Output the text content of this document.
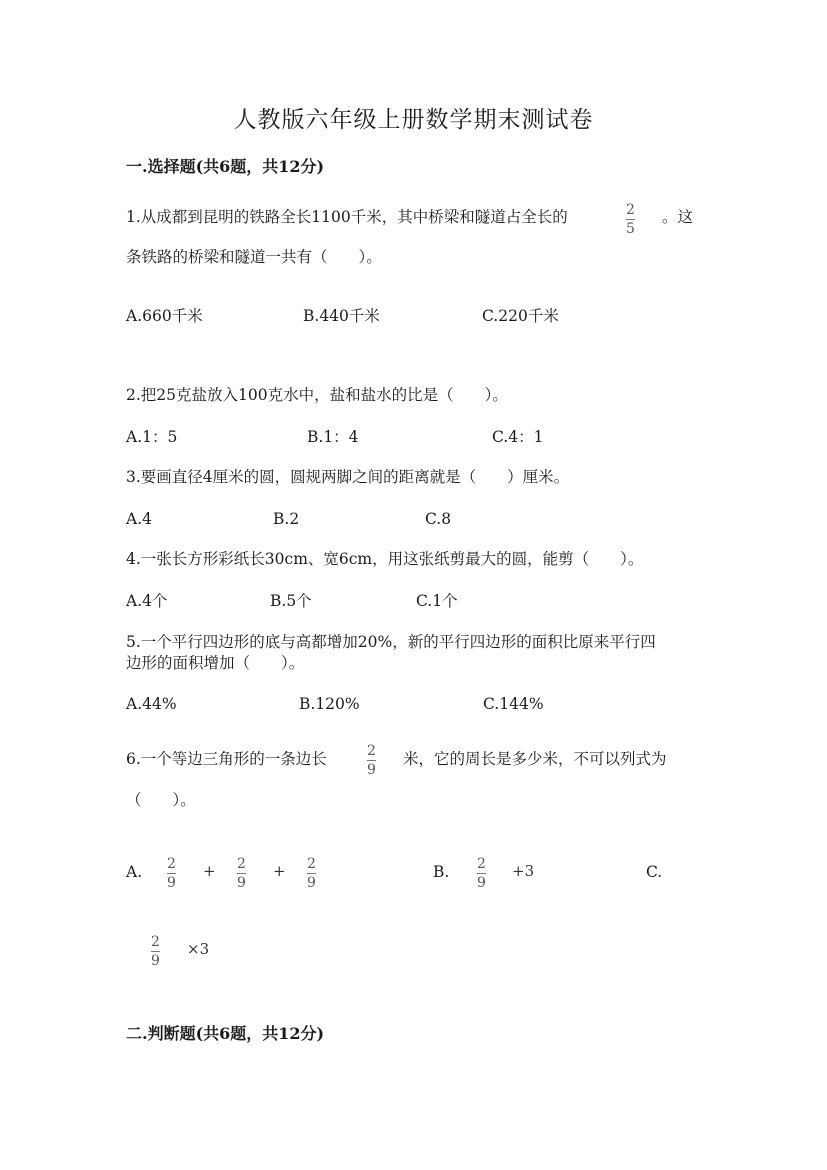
人教版六年级上册数学期末测试卷
一.选择题(共6题，共12分)
1.从成都到昆明的铁路全长1100千米，其中桥梁和隧道占全长的	2
5
。这
条铁路的桥梁和隧道一共有（　　）。
A.660千米	B.440千米	C.220千米
2.把25克盐放入100克水中，盐和盐水的比是（　　）。
A.1：5	B.1：4	C.4：1
3.要画直径4厘米的圆，圆规两脚之间的距离就是（　　）厘米。
A.4	B.2	C.8
4.一张长方形彩纸长30cm、宽6cm，用这张纸剪最大的圆，能剪（　　）。
A.4个	B.5个	C.1个
5.一个平行四边形的底与高都增加20%，新的平行四边形的面积比原来平行四
边形的面积增加（　　）。
A.44%	B.120%	C.144%
6.一个等边三角形的一条边长	2
9
米，它的周长是多少米，不可以列式为
（　　）。
A. 2
9
+ 2
9
+ 2
9
B. 2
9
+3	C.
2
9
×3
二.判断题(共6题，共12分)
